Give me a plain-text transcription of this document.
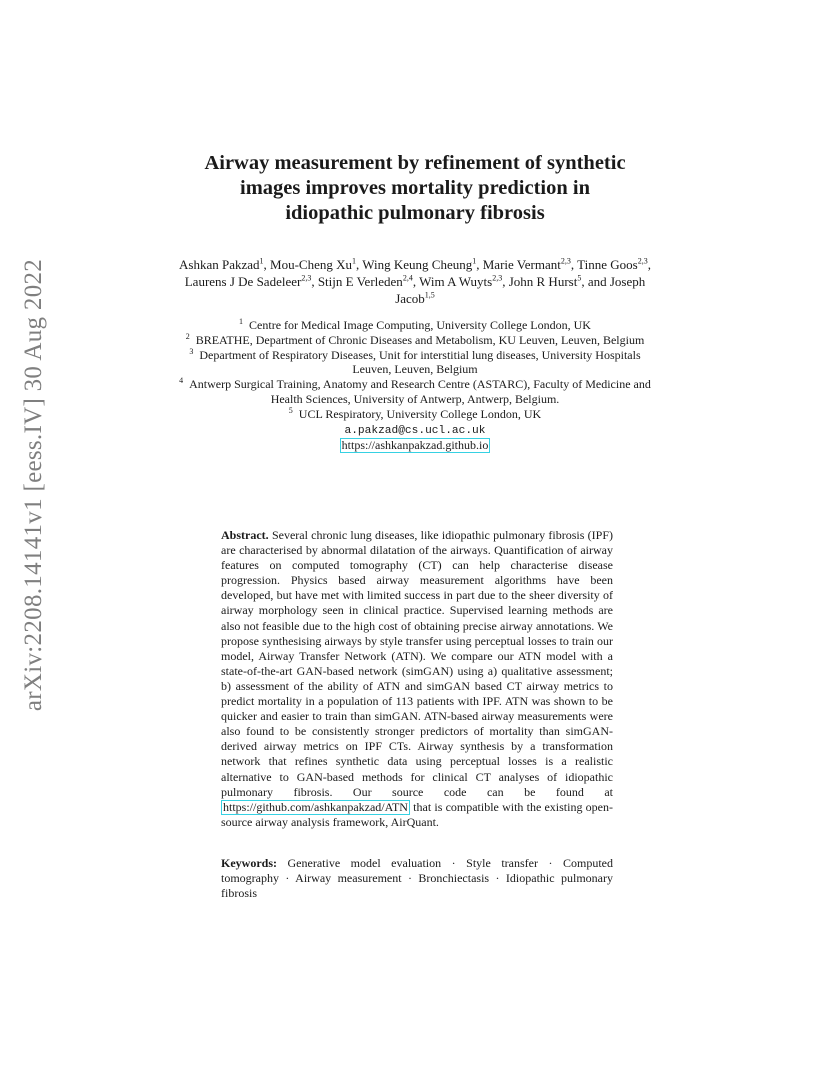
arXiv:2208.14141v1 [eess.IV] 30 Aug 2022
Airway measurement by refinement of synthetic
images improves mortality prediction in
idiopathic pulmonary fibrosis
Ashkan Pakzad$^1$, Mou-Cheng Xu$^1$, Wing Keung Cheung$^1$, Marie Vermant$^{2,3}$, Tinne Goos$^{2,3}$, Laurens J De Sadeleer$^{2,3}$, Stijn E Verleden$^{2,4}$, Wim A Wuyts$^{2,3}$, John R Hurst$^5$, and Joseph Jacob$^{1,5}$

$^1$  Centre for Medical Image Computing, University College London, UK

$^2$  BREATHE, Department of Chronic Diseases and Metabolism, KU Leuven, Leuven, Belgium

$^3$  Department of Respiratory Diseases, Unit for interstitial lung diseases, University Hospitals Leuven, Leuven, Belgium

$^4$  Antwerp Surgical Training, Anatomy and Research Centre (ASTARC), Faculty of Medicine and Health Sciences, University of Antwerp, Antwerp, Belgium.

$^5$  UCL Respiratory, University College London, UK

a.pakzad@cs.ucl.ac.uk

https://ashkanpakzad.github.io

Abstract. Several chronic lung diseases, like idiopathic pulmonary fibrosis (IPF) are characterised by abnormal dilatation of the airways. Quantification of airway features on computed tomography (CT) can help characterise disease progression. Physics based airway measurement algorithms have been developed, but have met with limited success in part due to the sheer diversity of airway morphology seen in clinical practice. Supervised learning methods are also not feasible due to the high cost of obtaining precise airway annotations. We propose synthesising airways by style transfer using perceptual losses to train our model, Airway Transfer Network (ATN). We compare our ATN model with a state-of-the-art GAN-based network (simGAN) using a) qualitative assessment; b) assessment of the ability of ATN and simGAN based CT airway metrics to predict mortality in a population of 113 patients with IPF. ATN was shown to be quicker and easier to train than simGAN. ATN-based airway measurements were also found to be consistently stronger predictors of mortality than simGAN-derived airway metrics on IPF CTs. Airway synthesis by a transformation network that refines synthetic data using perceptual losses is a realistic alternative to GAN-based methods for clinical CT analyses of idiopathic pulmonary fibrosis. Our source code can be found at https://github.com/ashkanpakzad/ATN that is compatible with the existing open-source airway analysis framework, AirQuant.

Keywords: Generative model evaluation · Style transfer · Computed tomography · Airway measurement · Bronchiectasis · Idiopathic pulmonary fibrosis
